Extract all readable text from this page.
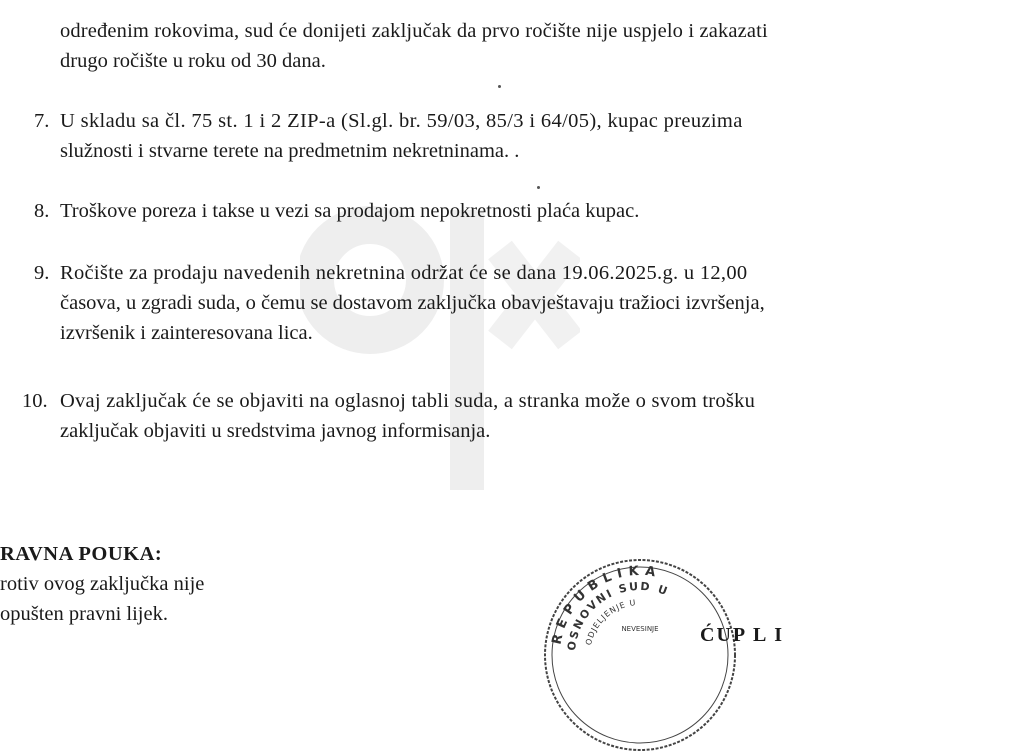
određenim rokovima, sud će donijeti zaključak da prvo ročište nije uspjelo i zakazati
drugo ročište u roku od 30 dana.
7. U skladu sa čl. 75 st. 1 i 2 ZIP-a (Sl.gl. br. 59/03, 85/3 i 64/05), kupac preuzima
služnosti i stvarne terete na predmetnim nekretninama. .
8. Troškove poreza i takse u vezi sa prodajom nepokretnosti plaća kupac.
9. Ročište za prodaju navedenih nekretnina održat će se dana 19.06.2025.g. u 12,00
časova, u zgradi suda, o čemu se dostavom zaključka obavještavaju tražioci izvršenja,
izvršenik i zainteresovana lica.
10. Ovaj zaključak će se objaviti na oglasnoj tabli suda, a stranka može o svom trošku
zaključak objaviti u sredstvima javnog informisanja.
RAVNA POUKA:
rotiv ovog zaključka nije
opušten pravni lijek.
REPUBLIKA
OSNOVNI SUD U
ODJELJENJE U
NEVESINJE ĆUP L I
